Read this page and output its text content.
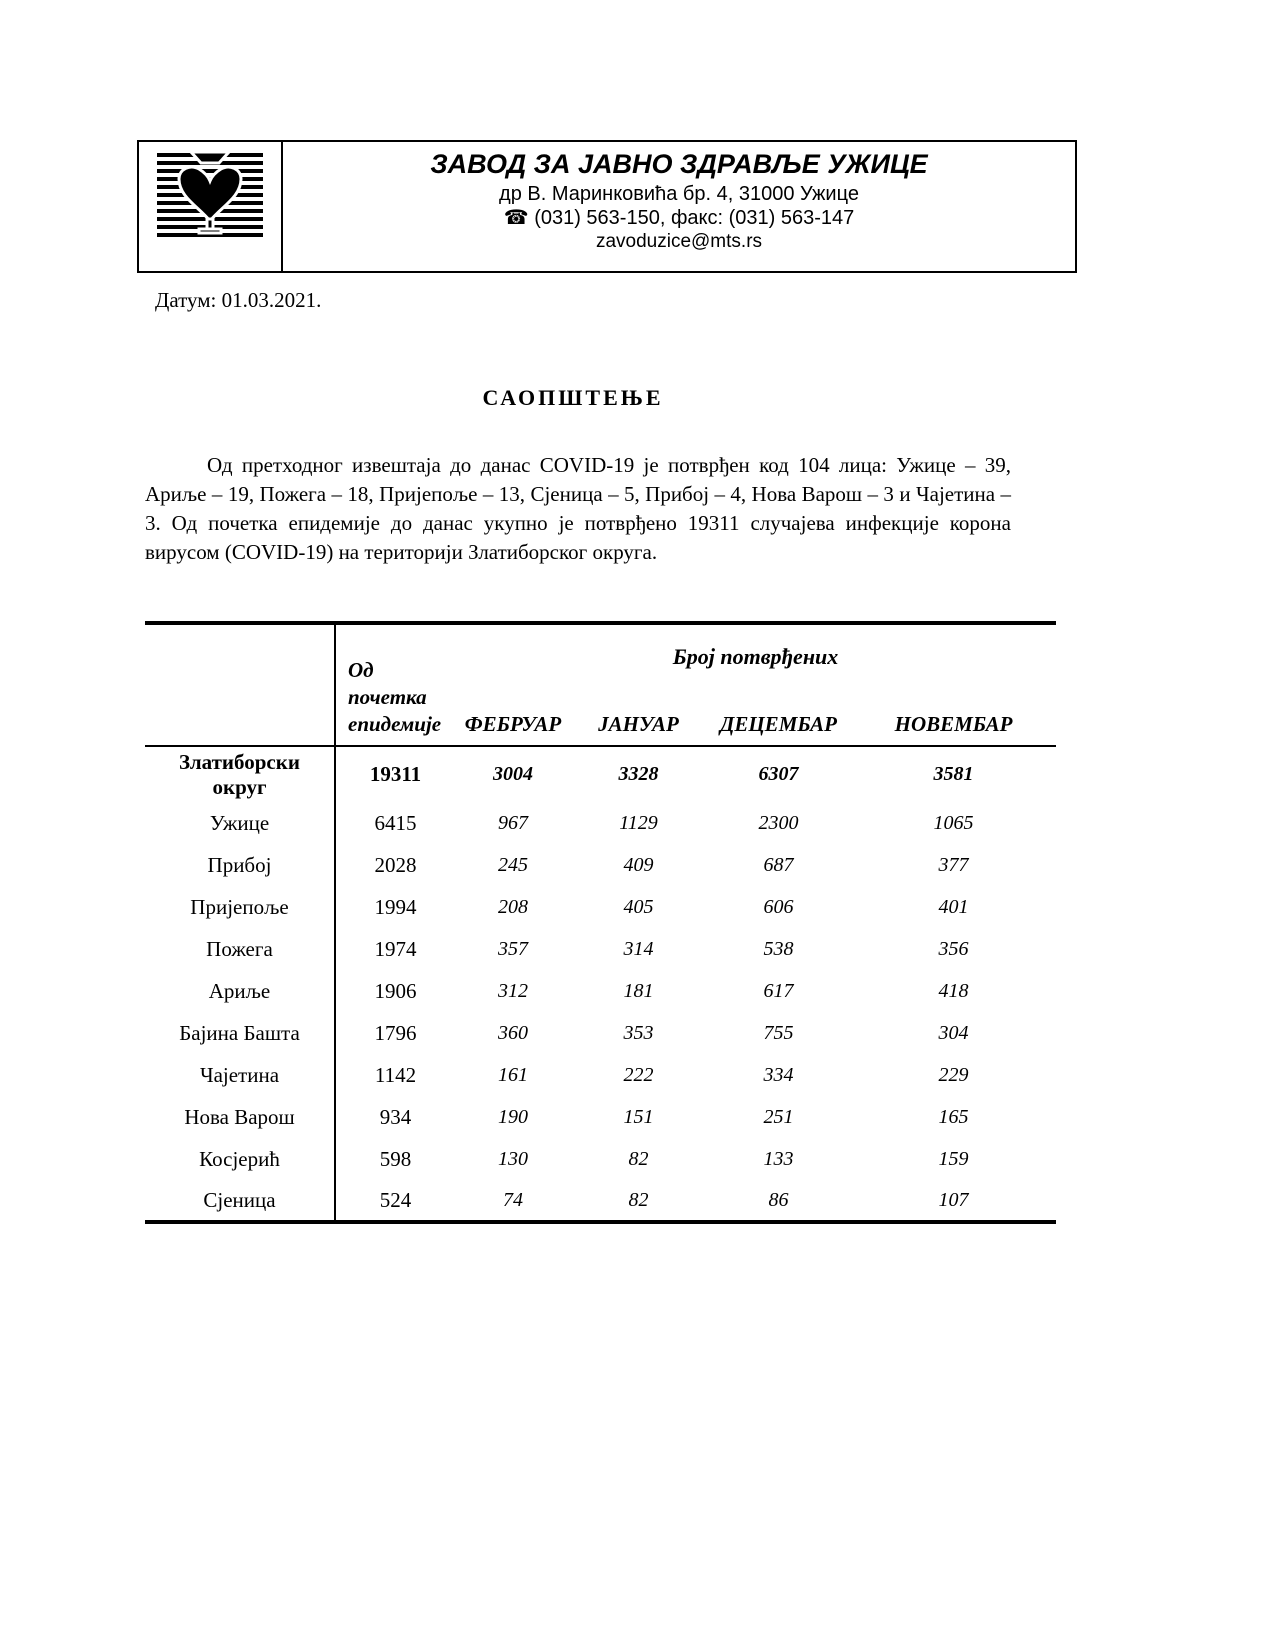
ЗАВОД ЗА ЈАВНО ЗДРАВЉЕ УЖИЦЕ
др В. Маринковића бр. 4, 31000 Ужице
☎ (031) 563-150, факс: (031) 563-147
zavoduzice@mts.rs
Датум: 01.03.2021.
САОПШТЕЊЕ
Од претходног извештаја до данас COVID-19 је потврђен код 104 лица: Ужице – 39, Ариље – 19, Пожега – 18, Пријепоље – 13, Сјеница – 5, Прибој – 4, Нова Варош – 3 и Чајетина – 3. Од почетка епидемије до данас укупно је потврђено 19311 случајева инфекције корона вирусом (COVID-19) на територији Златиборског округа.
	Од почетка епидемије	Број потврђених			
		ФЕБРУАР	ЈАНУАР	ДЕЦЕМБАР	НОВЕМБАР
Златиборски округ	19311	3004	3328	6307	3581
Ужице	6415	967	1129	2300	1065
Прибој	2028	245	409	687	377
Пријепоље	1994	208	405	606	401
Пожега	1974	357	314	538	356
Ариље	1906	312	181	617	418
Бајина Башта	1796	360	353	755	304
Чајетина	1142	161	222	334	229
Нова Варош	934	190	151	251	165
Косјерић	598	130	82	133	159
Сјеница	524	74	82	86	107
